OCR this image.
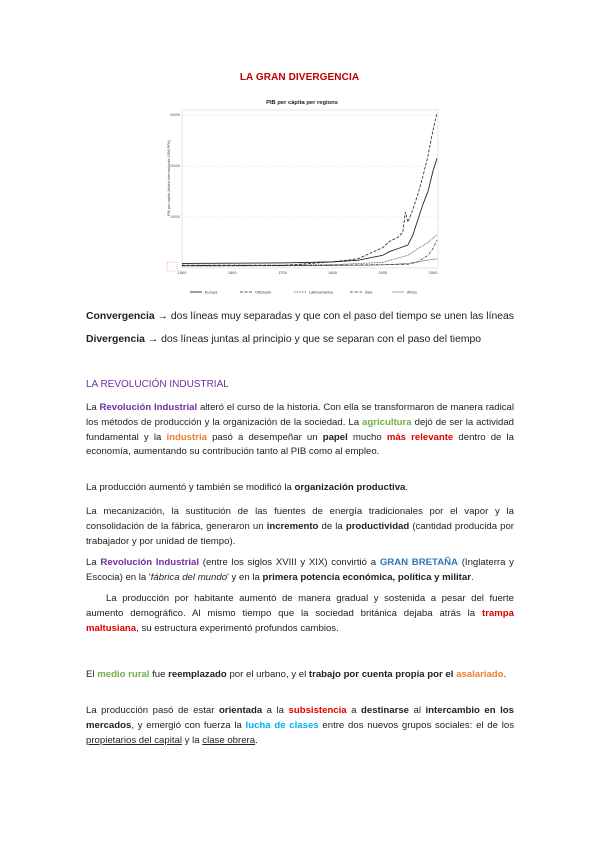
LA GRAN DIVERGENCIA
PIB per càpita per regions
PIB per càpita (dòlars internacionals 1990 PPA)
10000
20000
30000
1500	1600	1700	1800	1900	2000
Europa	Offshoots	Latinoamérica	Àsia	Àfrica
Convergencia → dos líneas muy separadas y que con el paso del tiempo se unen las líneas
Divergencia → dos líneas juntas al principio y que se separan con el paso del tiempo
LA REVOLUCIÓN INDUSTRIAL
La Revolución Industrial alteró el curso de la historia. Con ella se transformaron de manera radical los métodos de producción y la organización de la sociedad. La agricultura dejó de ser la actividad fundamental y la industria pasó a desempeñar un papel mucho más relevante dentro de la economía, aumentando su contribución tanto al PIB como al empleo.
La producción aumentó y también se modificó la organización productiva.
La mecanización, la sustitución de las fuentes de energía tradicionales por el vapor y la consolidación de la fábrica, generaron un incremento de la productividad (cantidad producida por trabajador y por unidad de tiempo).
La Revolución Industrial (entre los siglos XVIII y XIX) convirtió a GRAN BRETAÑA (Inglaterra y Escocia) en la 'fábrica del mundo' y en la primera potencia económica, política y militar.
La producción por habitante aumentó de manera gradual y sostenida a pesar del fuerte aumento demográfico. Al mismo tiempo que la sociedad británica dejaba atrás la trampa maltusiana, su estructura experimentó profundos cambios.
El medio rural fue reemplazado por el urbano, y el trabajo por cuenta propia por el asalariado.
La producción pasó de estar orientada a la subsistencia a destinarse al intercambio en los mercados, y emergió con fuerza la lucha de clases entre dos nuevos grupos sociales: el de los propietarios del capital y la clase obrera.
